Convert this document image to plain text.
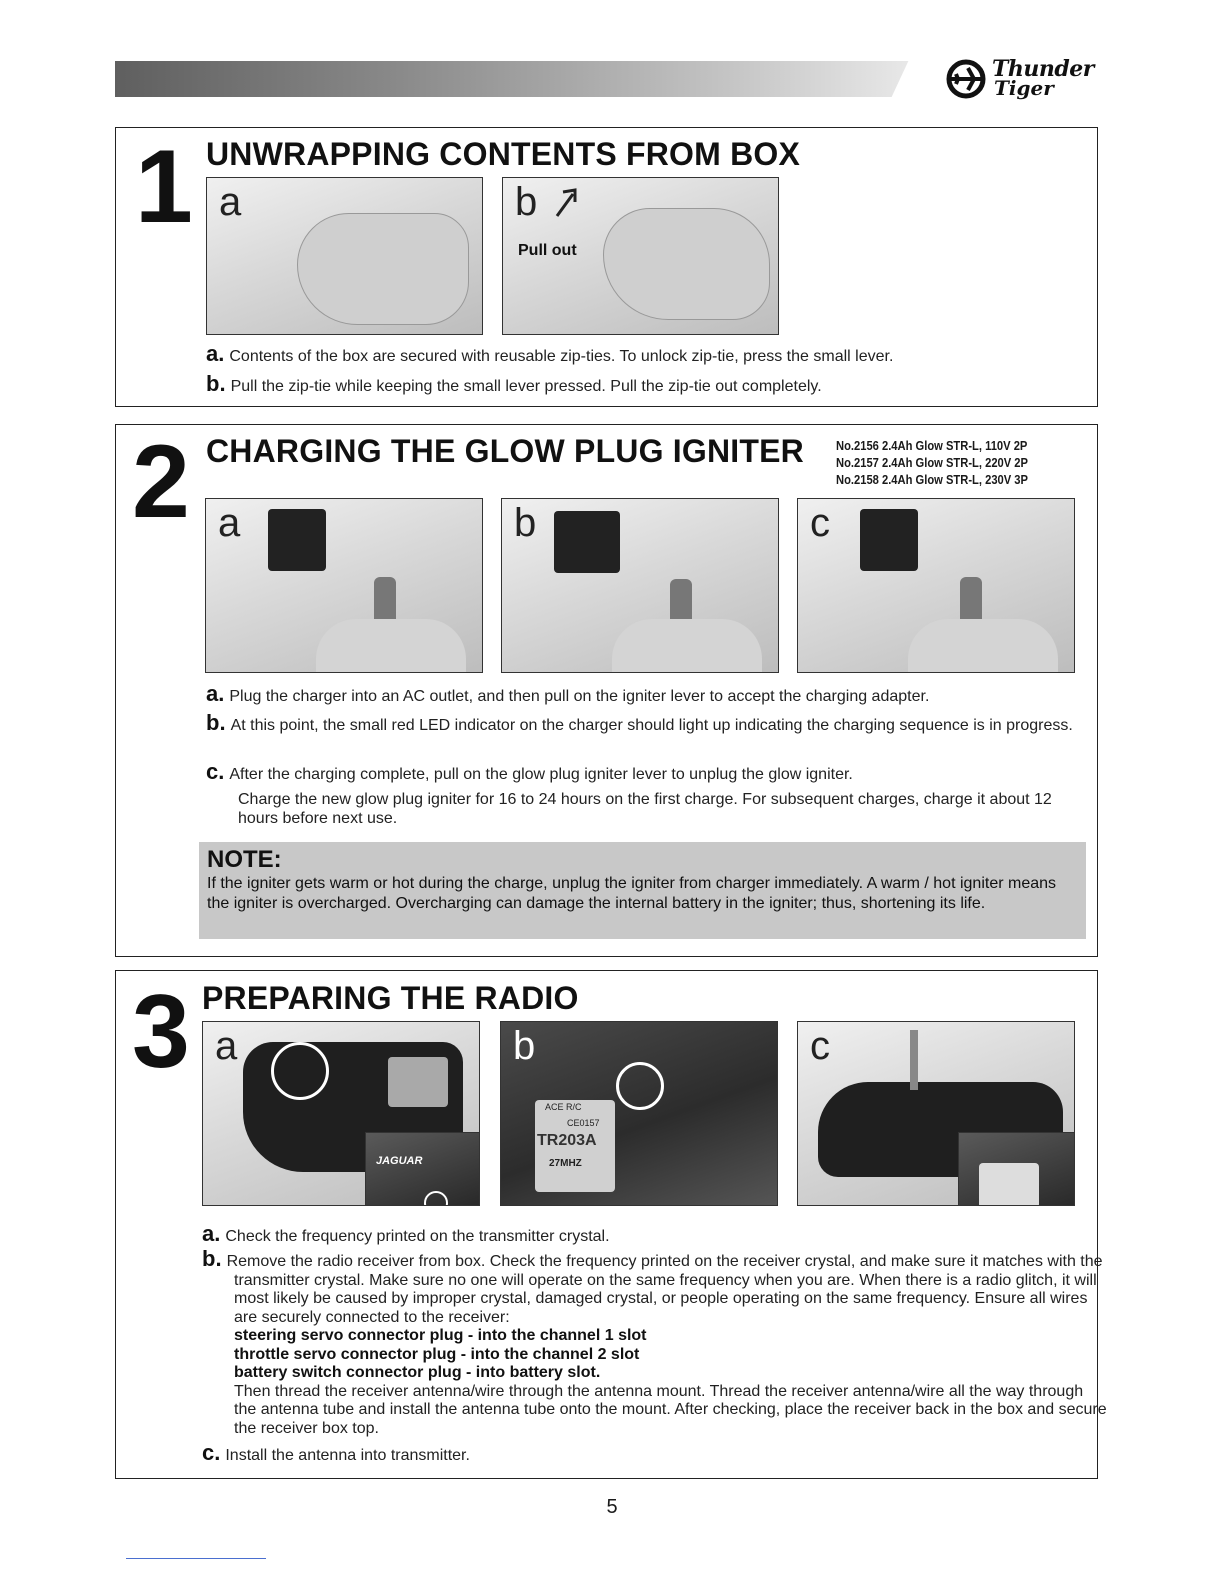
Thunder
Tiger
1 UNWRAPPING CONTENTS FROM BOX
a	b
Pull out
a. Contents of the box are secured with reusable zip-ties. To unlock zip-tie, press the small lever.
b. Pull the zip-tie while keeping the small lever pressed. Pull the zip-tie out completely.
2 CHARGING THE GLOW PLUG IGNITER No.2156 2.4Ah Glow STR-L, 110V 2P
No.2157 2.4Ah Glow STR-L, 220V 2P
No.2158 2.4Ah Glow STR-L, 230V 3P
a	b	c
a. Plug the charger into an AC outlet, and then pull on the igniter lever to accept the charging adapter.
b. At this point, the small red LED indicator on the charger should light up indicating the charging sequence is in progress.
c. After the charging complete, pull on the glow plug igniter lever to unplug the glow igniter.
Charge the new glow plug igniter for 16 to 24 hours on the first charge. For subsequent charges, charge it about 12 hours before next use.
NOTE:
If the igniter gets warm or hot during the charge, unplug the igniter from charger immediately. A warm / hot igniter means the igniter is overcharged. Overcharging can damage the internal battery in the igniter; thus, shortening its life.
3 PREPARING THE RADIO
a
JAGUAR
b
ACE R/C
CE0157
TR203A
27MHZ
c
a. Check the frequency printed on the transmitter crystal.
b. Remove the radio receiver from box. Check the frequency printed on the receiver crystal, and make sure it matches with the transmitter crystal. Make sure no one will operate on the same frequency when you are. When there is a radio glitch, it will most likely be caused by improper crystal, damaged crystal, or people operating on the same frequency. Ensure all wires are securely connected to the receiver:
steering servo connector plug - into the channel 1 slot
throttle servo connector plug - into the channel 2 slot
battery switch connector plug - into battery slot.
Then thread the receiver antenna/wire through the antenna mount. Thread the receiver antenna/wire all the way through the antenna tube and install the antenna tube onto the mount. After checking, place the receiver back in the box and secure the receiver box top.
c. Install the antenna into transmitter.
5
